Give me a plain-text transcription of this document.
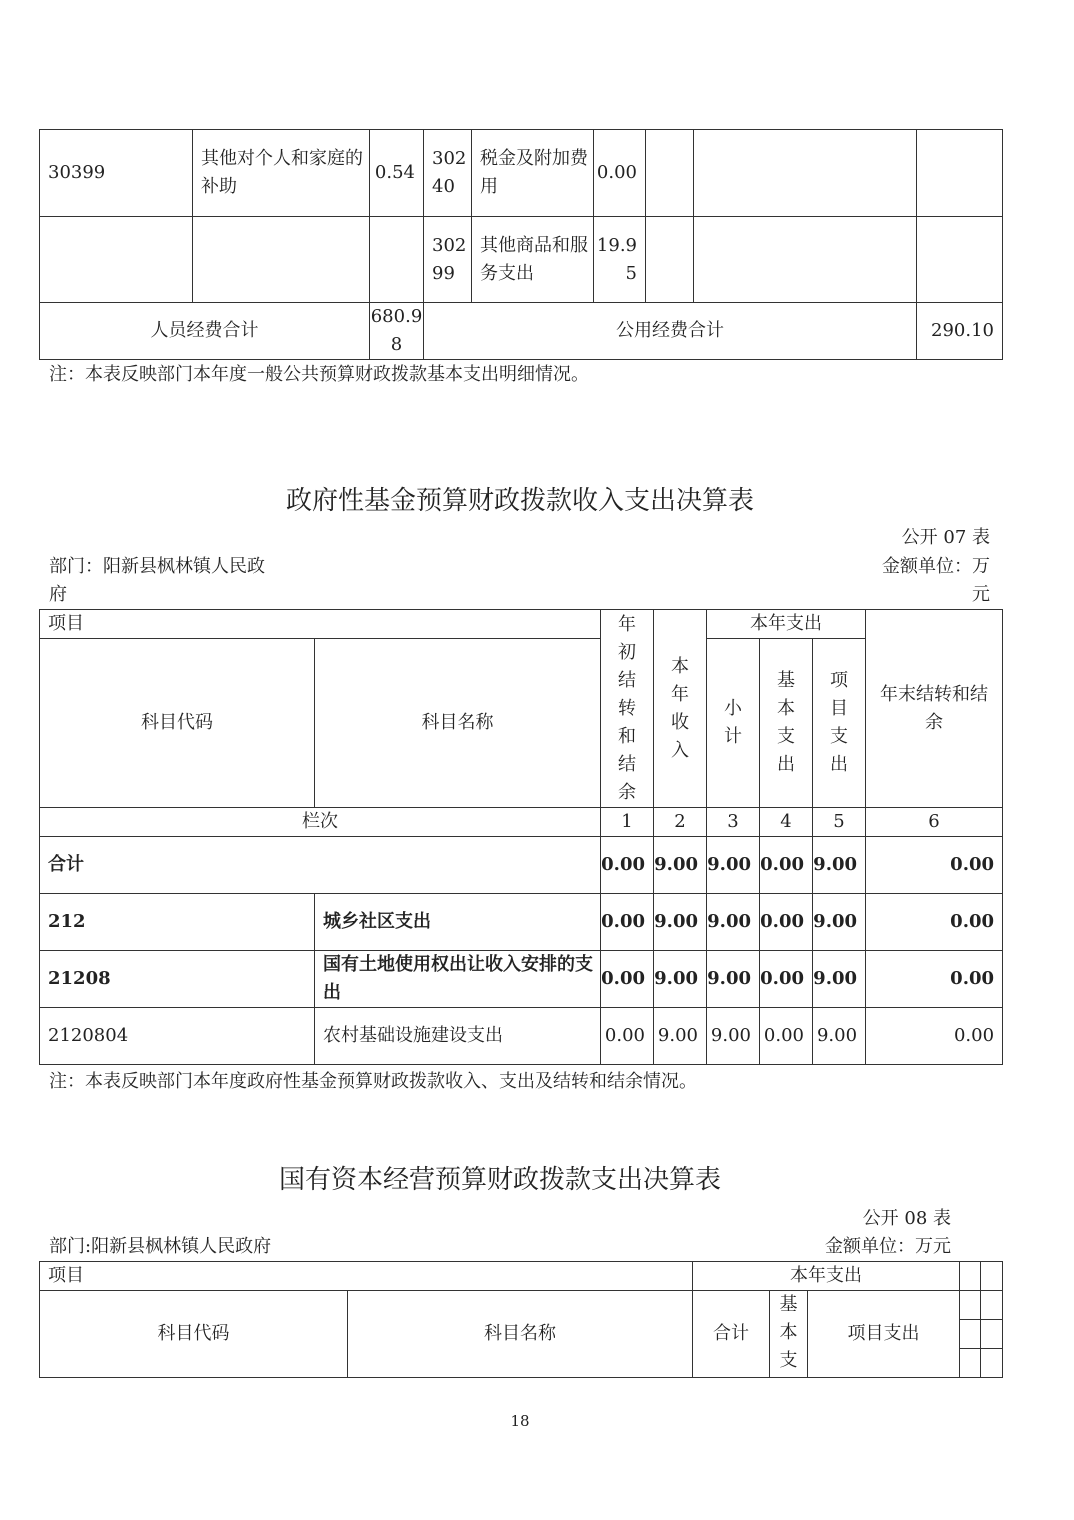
30399	其他对个人和家庭的补助	0.54	30240	税金及附加费用	0.00			
			30299	其他商品和服务支出	19.95			
人员经费合计		680.98	公用经费合计					290.10
注：本表反映部门本年度一般公共预算财政拨款基本支出明细情况。
政府性基金预算财政拨款收入支出决算表
公开 07 表
部门：阳新县枫林镇人民政府
金额单位：万元
项目		年初结转和结余	本年收入	本年支出			年末结转和结余
科目代码	科目名称			小计	基本支出	项目支出	

栏次		1	2	3	4	5	6
合计		0.00	9.00	9.00	0.00	9.00	0.00
212	城乡社区支出	0.00	9.00	9.00	0.00	9.00	0.00
21208	国有土地使用权出让收入安排的支出	0.00	9.00	9.00	0.00	9.00	0.00
2120804	农村基础设施建设支出	0.00	9.00	9.00	0.00	9.00	0.00
注：本表反映部门本年度政府性基金预算财政拨款收入、支出及结转和结余情况。
国有资本经营预算财政拨款支出决算表
公开 08 表
部门:阳新县枫林镇人民政府	金额单位：万元
项目		本年支出				
科目代码	科目名称	合计	基本支	项目支出		

18
